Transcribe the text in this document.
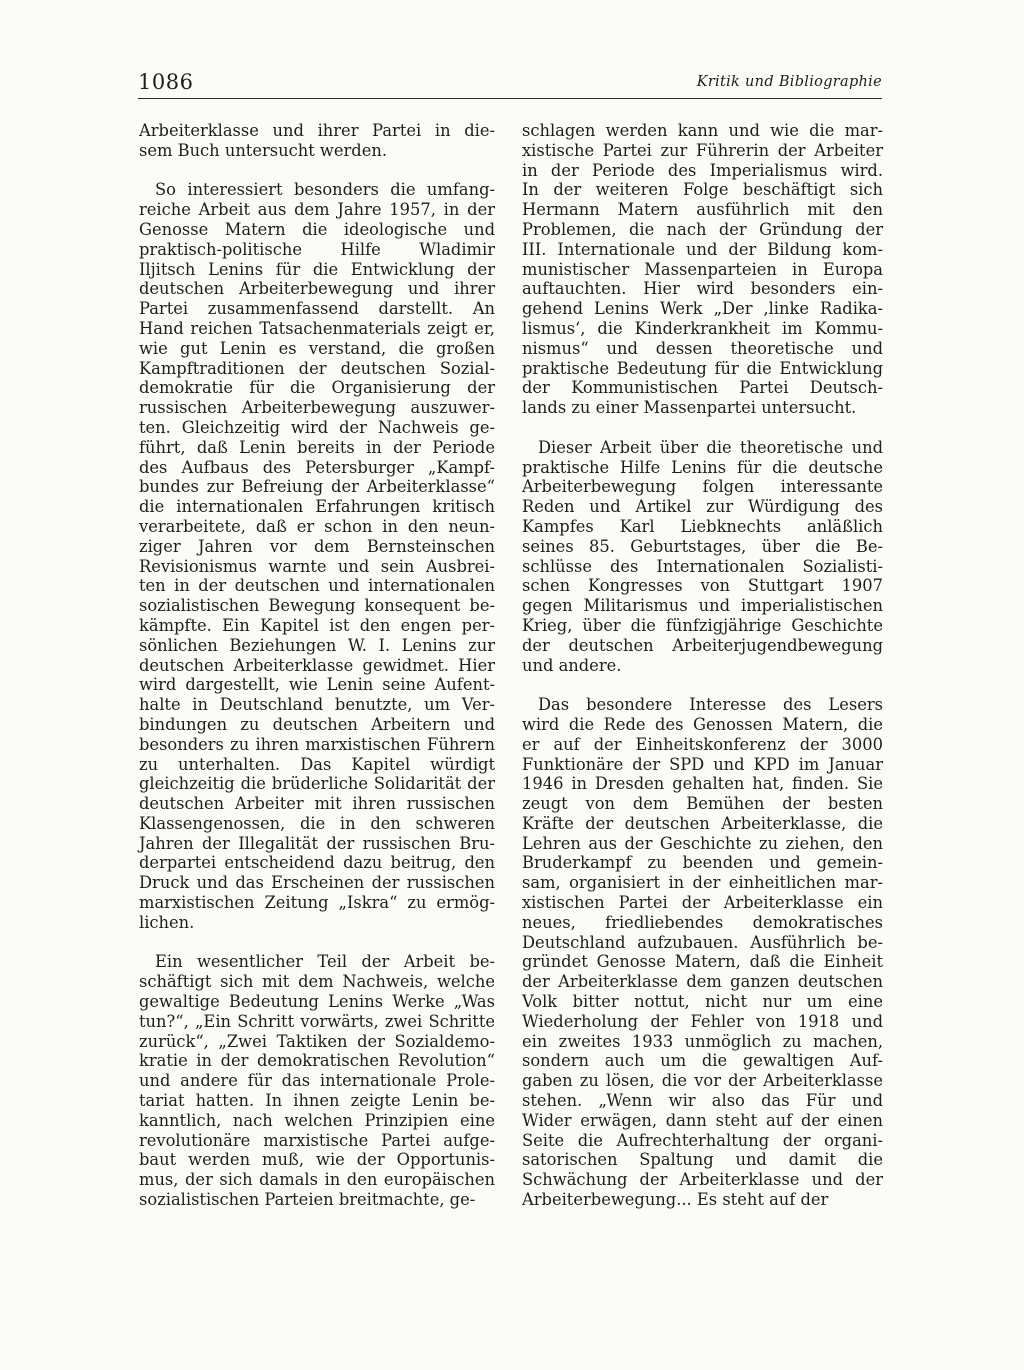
1086	Kritik und Bibliographie
Arbeiterklasse und ihrer Partei in die-
sem Buch untersucht werden.
So interessiert besonders die umfang-
reiche Arbeit aus dem Jahre 1957, in der
Genosse Matern die ideologische und
praktisch-politische Hilfe Wladimir
Iljitsch Lenins für die Entwicklung der
deutschen Arbeiterbewegung und ihrer
Partei zusammenfassend darstellt. An
Hand reichen Tatsachenmaterials zeigt er,
wie gut Lenin es verstand, die großen
Kampftraditionen der deutschen Sozial-
demokratie für die Organisierung der
russischen Arbeiterbewegung auszuwer-
ten. Gleichzeitig wird der Nachweis ge-
führt, daß Lenin bereits in der Periode
des Aufbaus des Petersburger „Kampf-
bundes zur Befreiung der Arbeiterklasse“
die internationalen Erfahrungen kritisch
verarbeitete, daß er schon in den neun-
ziger Jahren vor dem Bernsteinschen
Revisionismus warnte und sein Ausbrei-
ten in der deutschen und internationalen
sozialistischen Bewegung konsequent be-
kämpfte. Ein Kapitel ist den engen per-
sönlichen Beziehungen W. I. Lenins zur
deutschen Arbeiterklasse gewidmet. Hier
wird dargestellt, wie Lenin seine Aufent-
halte in Deutschland benutzte, um Ver-
bindungen zu deutschen Arbeitern und
besonders zu ihren marxistischen Führern
zu unterhalten. Das Kapitel würdigt
gleichzeitig die brüderliche Solidarität der
deutschen Arbeiter mit ihren russischen
Klassengenossen, die in den schweren
Jahren der Illegalität der russischen Bru-
derpartei entscheidend dazu beitrug, den
Druck und das Erscheinen der russischen
marxistischen Zeitung „Iskra“ zu ermög-
lichen.
Ein wesentlicher Teil der Arbeit be-
schäftigt sich mit dem Nachweis, welche
gewaltige Bedeutung Lenins Werke „Was
tun?“, „Ein Schritt vorwärts, zwei Schritte
zurück“, „Zwei Taktiken der Sozialdemo-
kratie in der demokratischen Revolution“
und andere für das internationale Prole-
tariat hatten. In ihnen zeigte Lenin be-
kanntlich, nach welchen Prinzipien eine
revolutionäre marxistische Partei aufge-
baut werden muß, wie der Opportunis-
mus, der sich damals in den europäischen
sozialistischen Parteien breitmachte, ge-
schlagen werden kann und wie die mar-
xistische Partei zur Führerin der Arbeiter
in der Periode des Imperialismus wird.
In der weiteren Folge beschäftigt sich
Hermann Matern ausführlich mit den
Problemen, die nach der Gründung der
III. Internationale und der Bildung kom-
munistischer Massenparteien in Europa
auftauchten. Hier wird besonders ein-
gehend Lenins Werk „Der ‚linke Radika-
lismus‘, die Kinderkrankheit im Kommu-
nismus“ und dessen theoretische und
praktische Bedeutung für die Entwicklung
der Kommunistischen Partei Deutsch-
lands zu einer Massenpartei untersucht.
Dieser Arbeit über die theoretische und
praktische Hilfe Lenins für die deutsche
Arbeiterbewegung folgen interessante
Reden und Artikel zur Würdigung des
Kampfes Karl Liebknechts anläßlich
seines 85. Geburtstages, über die Be-
schlüsse des Internationalen Sozialisti-
schen Kongresses von Stuttgart 1907
gegen Militarismus und imperialistischen
Krieg, über die fünfzigjährige Geschichte
der deutschen Arbeiterjugendbewegung
und andere.
Das besondere Interesse des Lesers
wird die Rede des Genossen Matern, die
er auf der Einheitskonferenz der 3000
Funktionäre der SPD und KPD im Januar
1946 in Dresden gehalten hat, finden. Sie
zeugt von dem Bemühen der besten
Kräfte der deutschen Arbeiterklasse, die
Lehren aus der Geschichte zu ziehen, den
Bruderkampf zu beenden und gemein-
sam, organisiert in der einheitlichen mar-
xistischen Partei der Arbeiterklasse ein
neues, friedliebendes demokratisches
Deutschland aufzubauen. Ausführlich be-
gründet Genosse Matern, daß die Einheit
der Arbeiterklasse dem ganzen deutschen
Volk bitter nottut, nicht nur um eine
Wiederholung der Fehler von 1918 und
ein zweites 1933 unmöglich zu machen,
sondern auch um die gewaltigen Auf-
gaben zu lösen, die vor der Arbeiterklasse
stehen. „Wenn wir also das Für und
Wider erwägen, dann steht auf der einen
Seite die Aufrechterhaltung der organi-
satorischen Spaltung und damit die
Schwächung der Arbeiterklasse und der
Arbeiterbewegung... Es steht auf der
